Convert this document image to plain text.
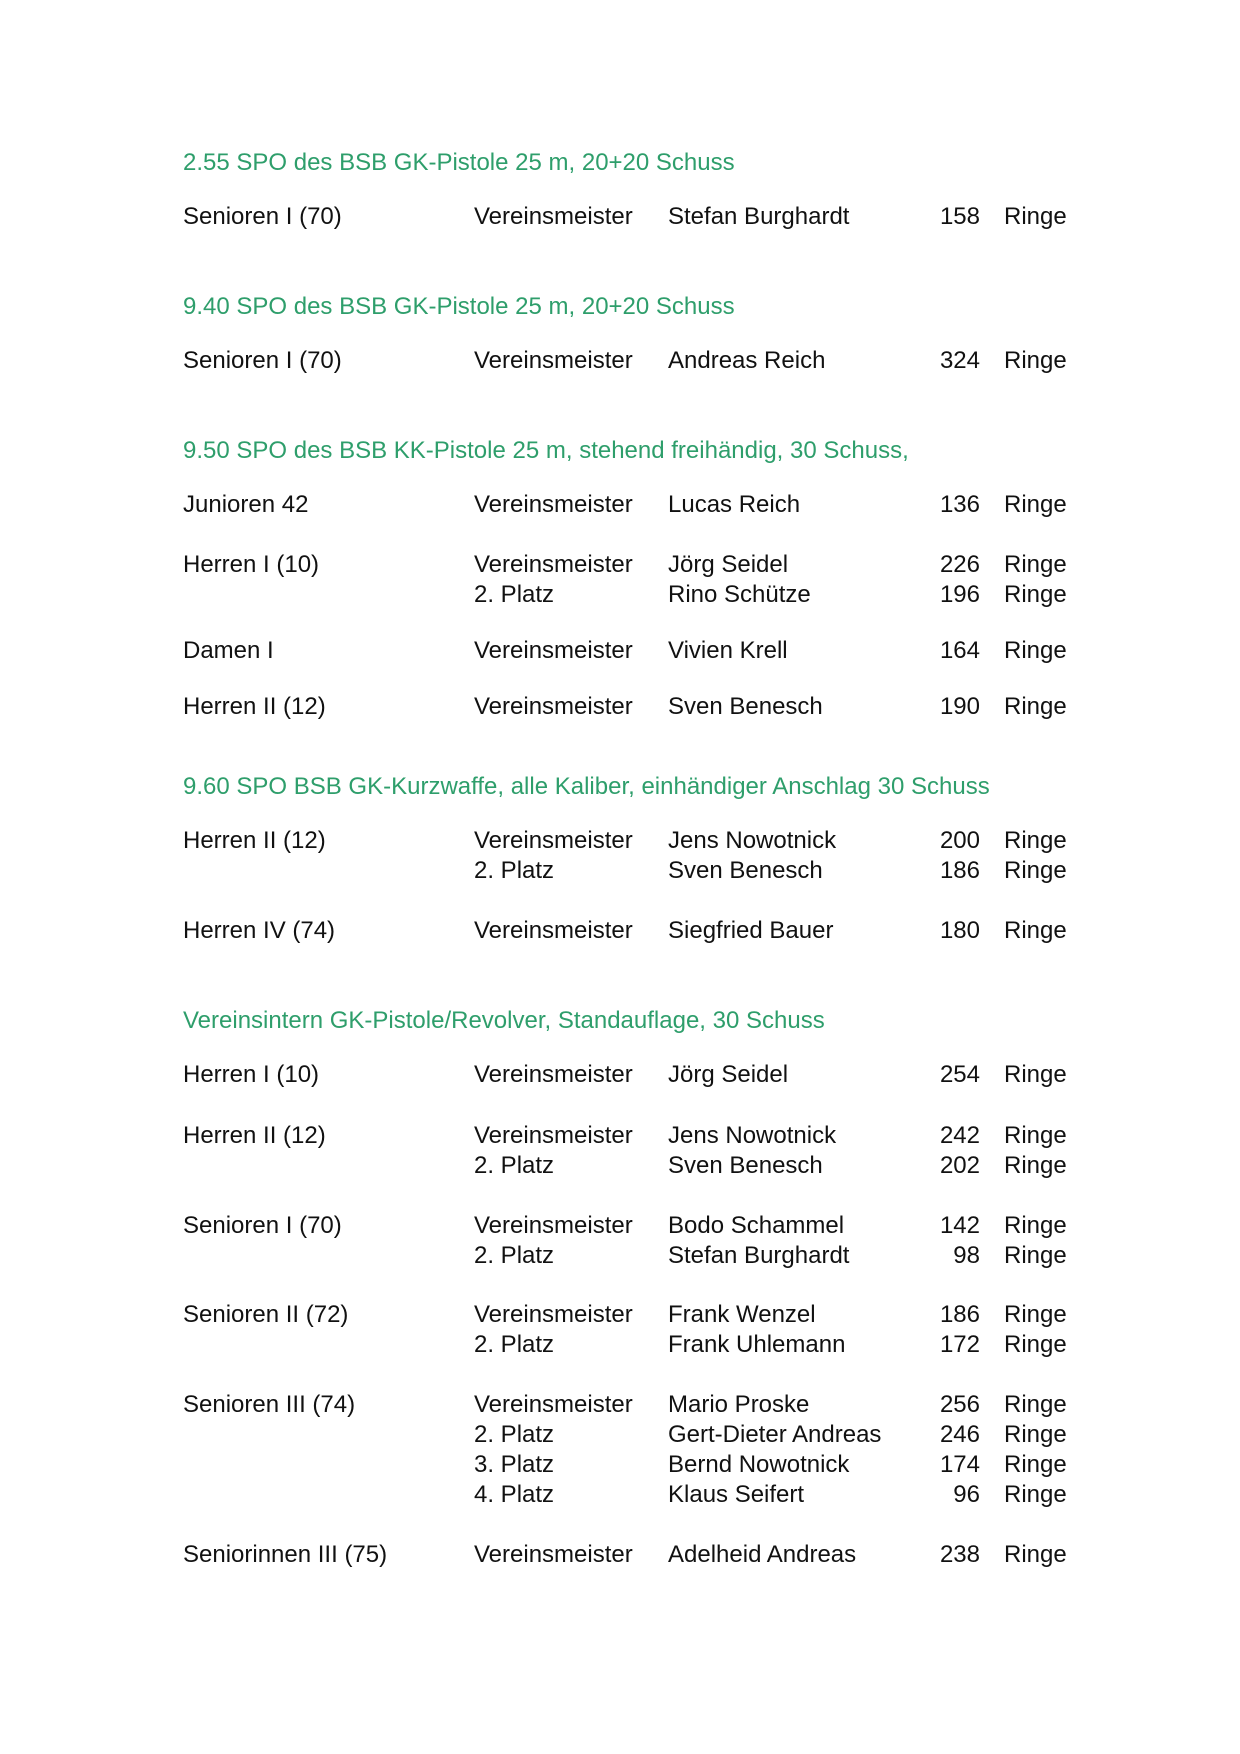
2.55 SPO des BSB GK-Pistole 25 m, 20+20 Schuss
Senioren I (70)	Vereinsmeister Stefan Burghardt	158 Ringe
9.40 SPO des BSB GK-Pistole 25 m, 20+20 Schuss
Senioren I (70)	Vereinsmeister Andreas Reich	324 Ringe
9.50 SPO des BSB KK-Pistole 25 m, stehend freihändig, 30 Schuss,
Junioren 42	Vereinsmeister Lucas Reich	136 Ringe
Herren I (10)	Vereinsmeister Jörg Seidel	226 Ringe
2. Platz	Rino Schütze	196 Ringe
Damen I	Vereinsmeister Vivien Krell	164 Ringe
Herren II (12)	Vereinsmeister Sven Benesch	190 Ringe
9.60 SPO BSB GK-Kurzwaffe, alle Kaliber, einhändiger Anschlag 30 Schuss
Herren II (12)	Vereinsmeister Jens Nowotnick	200 Ringe
2. Platz	Sven Benesch	186 Ringe
Herren IV (74)	Vereinsmeister Siegfried Bauer	180 Ringe
Vereinsintern GK-Pistole/Revolver, Standauflage, 30 Schuss
Herren I (10)	Vereinsmeister Jörg Seidel	254 Ringe
Herren II (12)	Vereinsmeister Jens Nowotnick	242 Ringe
2. Platz	Sven Benesch	202 Ringe
Senioren I (70)	Vereinsmeister Bodo Schammel	142 Ringe
2. Platz	Stefan Burghardt	98 Ringe
Senioren II (72)	Vereinsmeister Frank Wenzel	186 Ringe
2. Platz	Frank Uhlemann	172 Ringe
Senioren III (74)	Vereinsmeister Mario Proske	256 Ringe
2. Platz	Gert-Dieter Andreas	246 Ringe
3. Platz	Bernd Nowotnick	174 Ringe
4. Platz	Klaus Seifert	96 Ringe
Seniorinnen III (75)	Vereinsmeister Adelheid Andreas	238 Ringe
